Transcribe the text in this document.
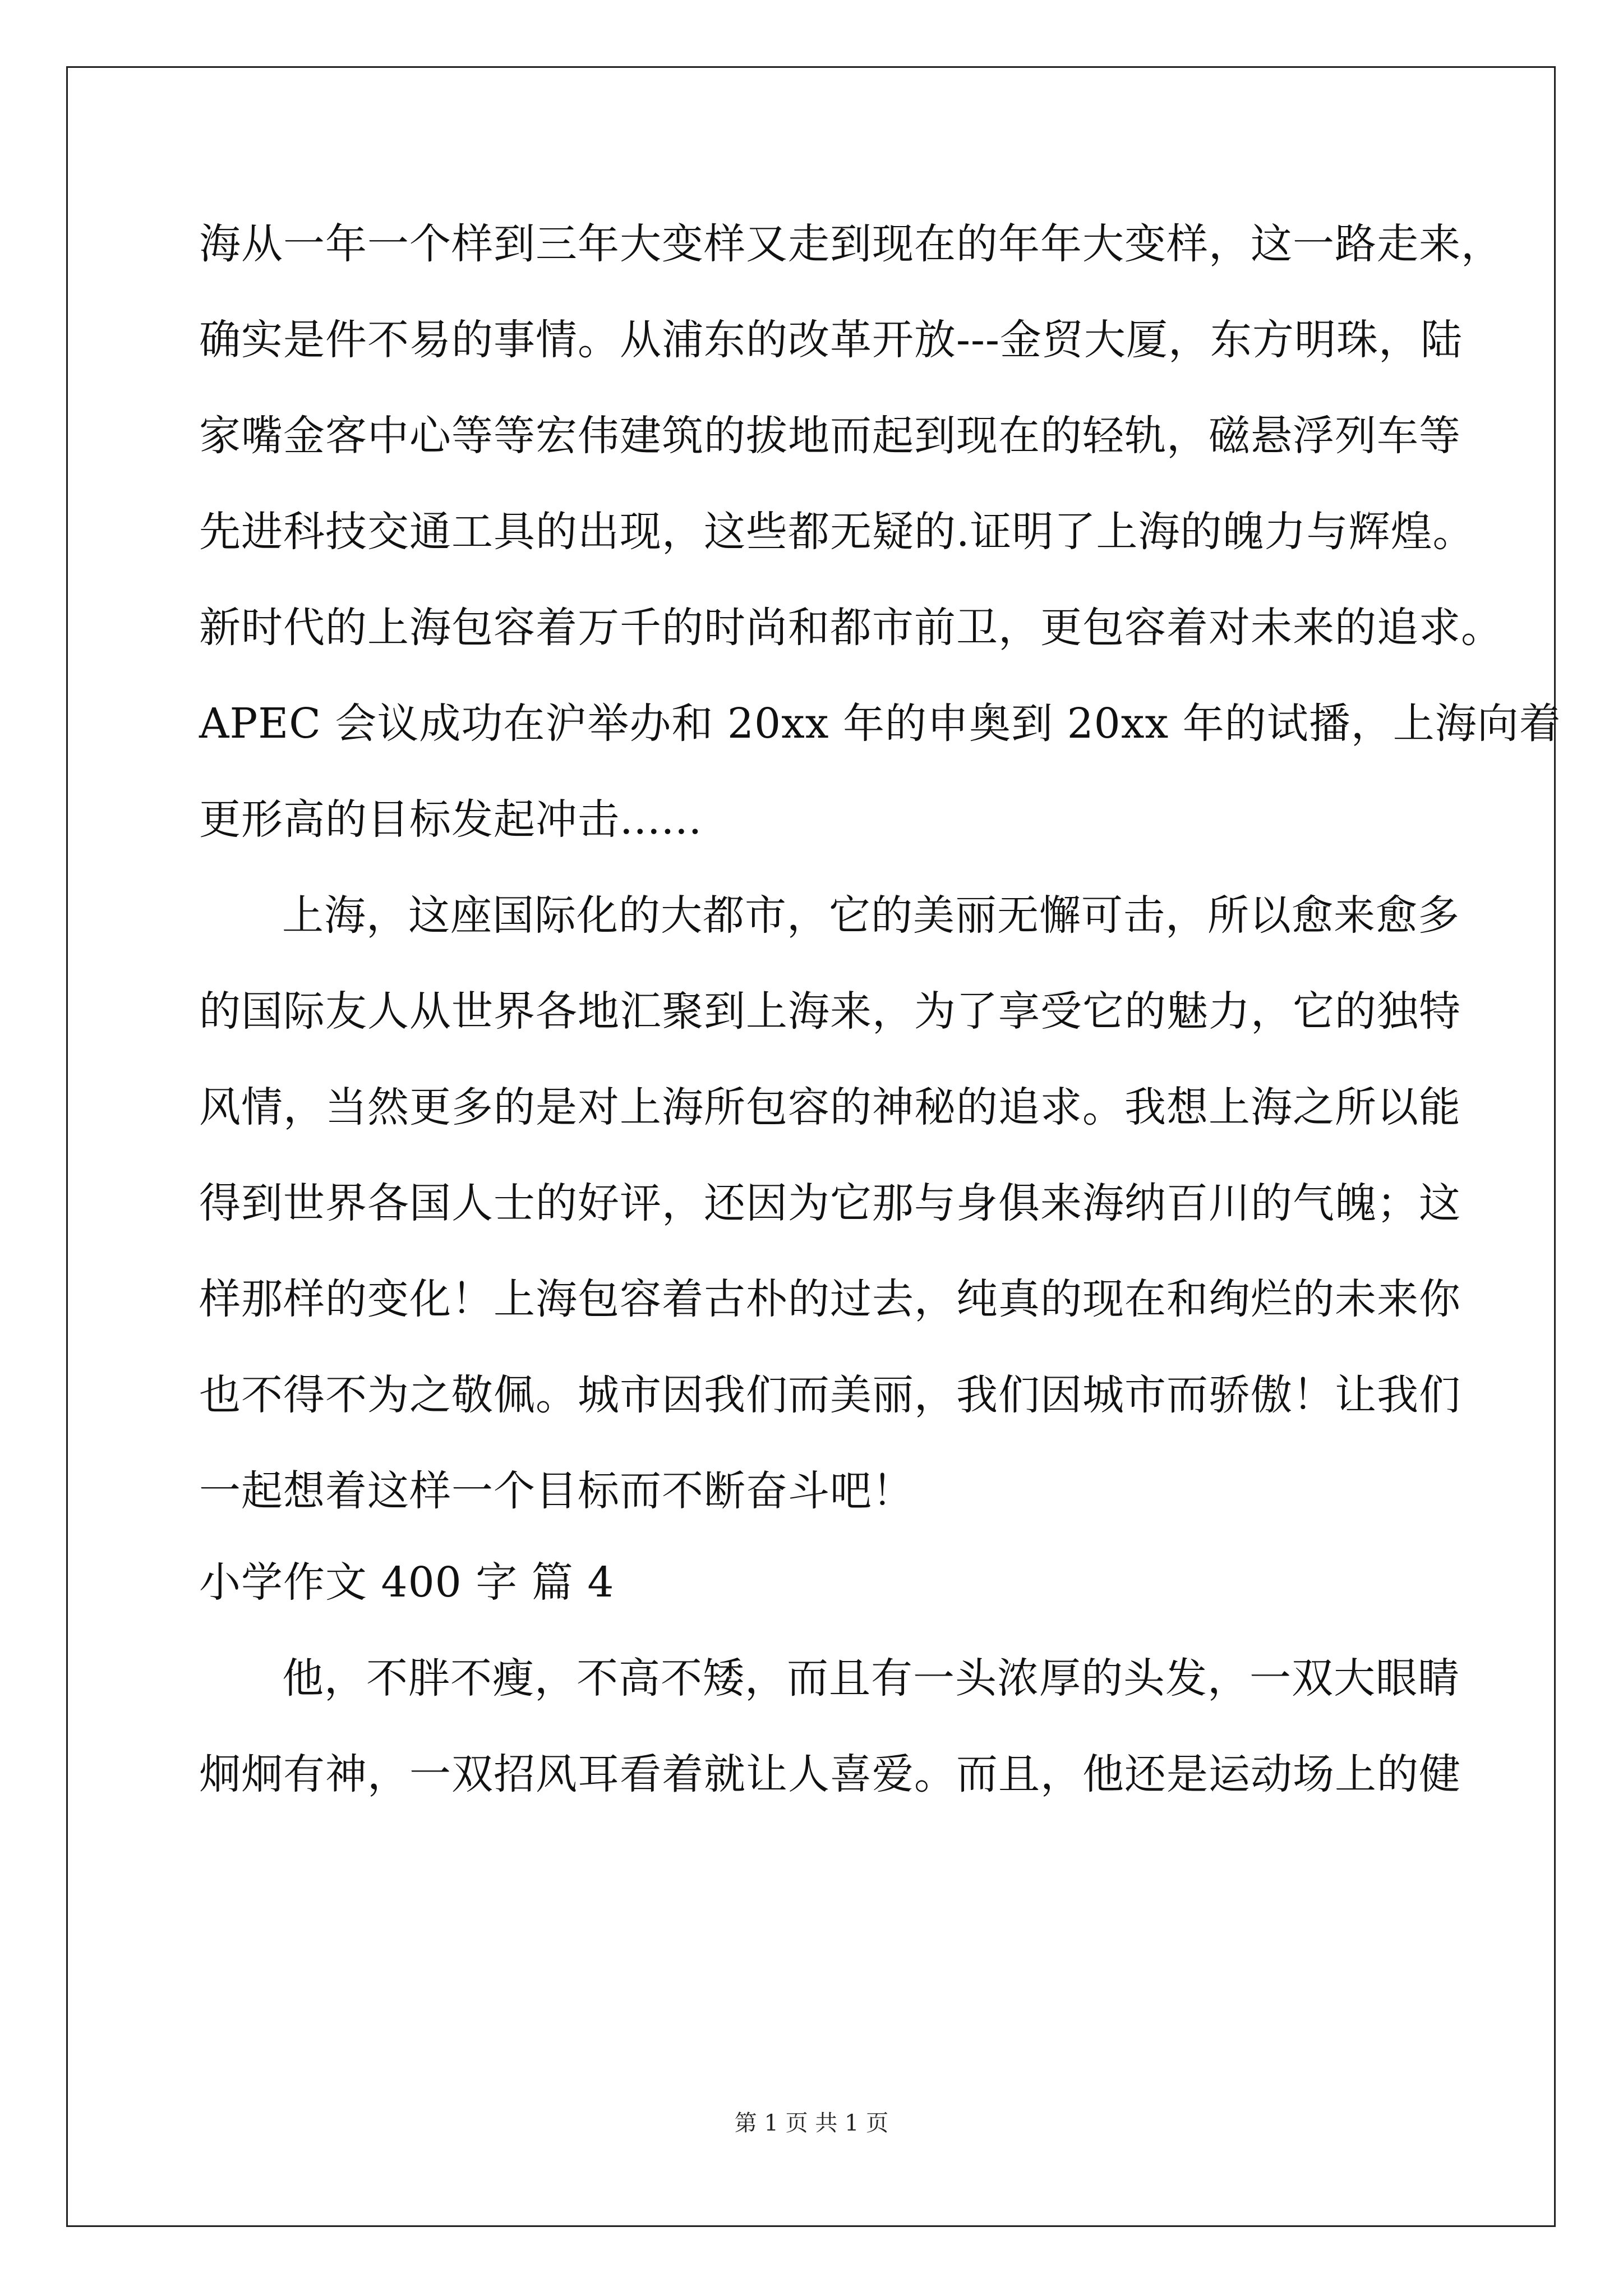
海从一年一个样到三年大变样又走到现在的年年大变样，这一路走来，
确实是件不易的事情。从浦东的改革开放---金贸大厦，东方明珠，陆
家嘴金客中心等等宏伟建筑的拔地而起到现在的轻轨，磁悬浮列车等
先进科技交通工具的出现，这些都无疑的.证明了上海的魄力与辉煌。
新时代的上海包容着万千的时尚和都市前卫，更包容着对未来的追求。
APEC 会议成功在沪举办和 20xx 年的申奥到 20xx 年的试播，上海向着
更形高的目标发起冲击......
上海，这座国际化的大都市，它的美丽无懈可击，所以愈来愈多
的国际友人从世界各地汇聚到上海来，为了享受它的魅力，它的独特
风情，当然更多的是对上海所包容的神秘的追求。我想上海之所以能
得到世界各国人士的好评，还因为它那与身俱来海纳百川的气魄；这
样那样的变化！上海包容着古朴的过去，纯真的现在和绚烂的未来你
也不得不为之敬佩。城市因我们而美丽，我们因城市而骄傲！让我们
一起想着这样一个目标而不断奋斗吧！
小学作文 400 字 篇 4
他，不胖不瘦，不高不矮，而且有一头浓厚的头发，一双大眼睛
炯炯有神，一双招风耳看着就让人喜爱。而且，他还是运动场上的健
第 1 页 共 1 页
